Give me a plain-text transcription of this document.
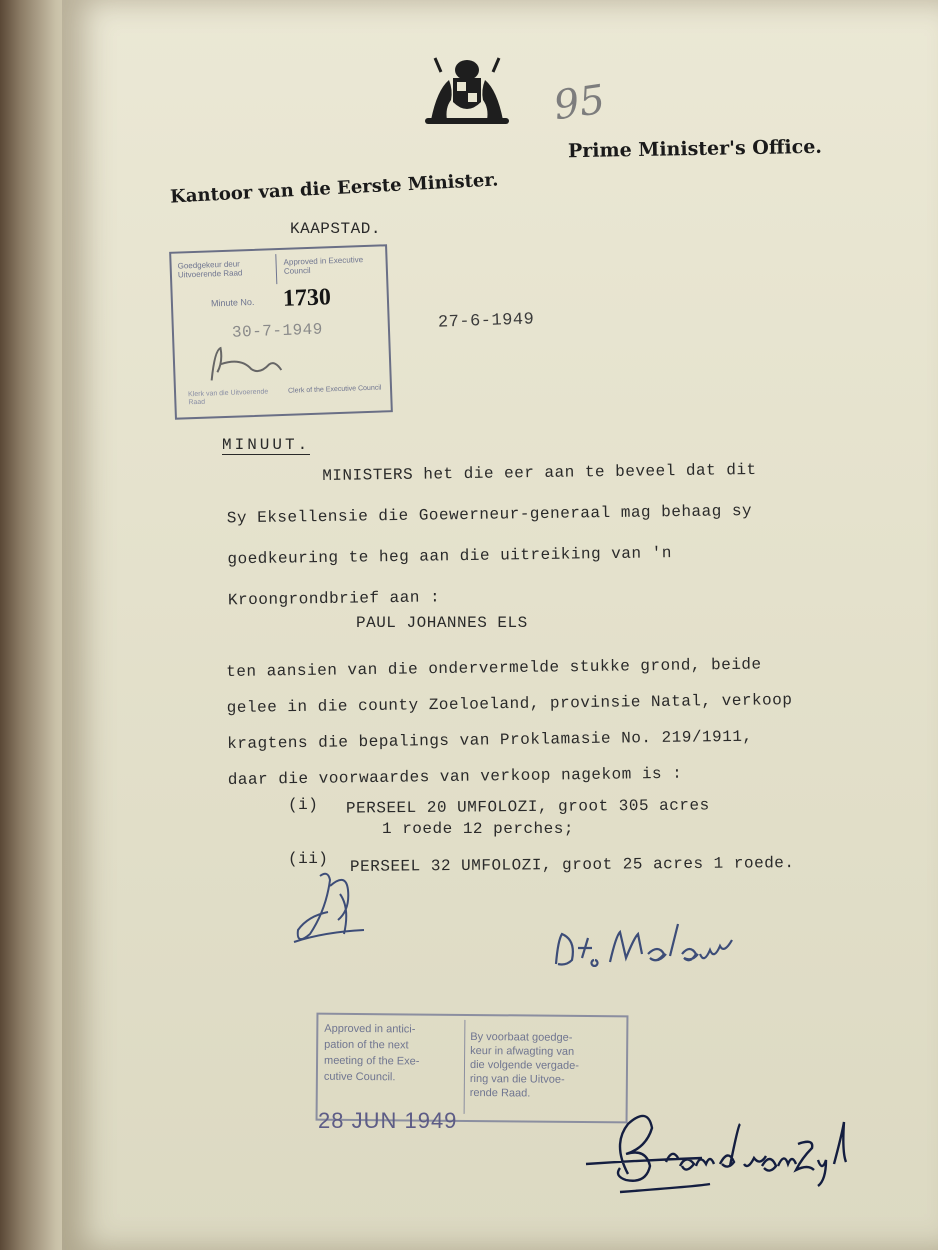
95
Prime Minister's Office.
Kantoor van die Eerste Minister.
KAAPSTAD.
Goedgekeur deur Uitvoerende Raad
Approved in Executive Council
Minute No. 1730
30-7-1949
Klerk van die Uitvoerende Raad
Clerk of the Executive Council
27-6-1949
MINUUT.
MINISTERS het die eer aan te beveel dat dit
Sy Eksellensie die Goewerneur-generaal mag behaag sy
goedkeuring te heg aan die uitreiking van 'n
Kroongrondbrief aan :
PAUL JOHANNES ELS
ten aansien van die ondervermelde stukke grond, beide
gelee in die county Zoeloeland, provinsie Natal, verkoop
kragtens die bepalings van Proklamasie No. 219/1911,
daar die voorwaardes van verkoop nagekom is :
(i) PERSEEL 20 UMFOLOZI, groot 305 acres
1 roede 12 perches;
(ii) PERSEEL 32 UMFOLOZI, groot 25 acres 1 roede.
Approved in antici-
pation of the next
meeting of the Exe-
cutive Council.
By voorbaat goedge-
keur in afwagting van
die volgende vergade-
ring van die Uitvoe-
rende Raad.
28 JUN 1949
